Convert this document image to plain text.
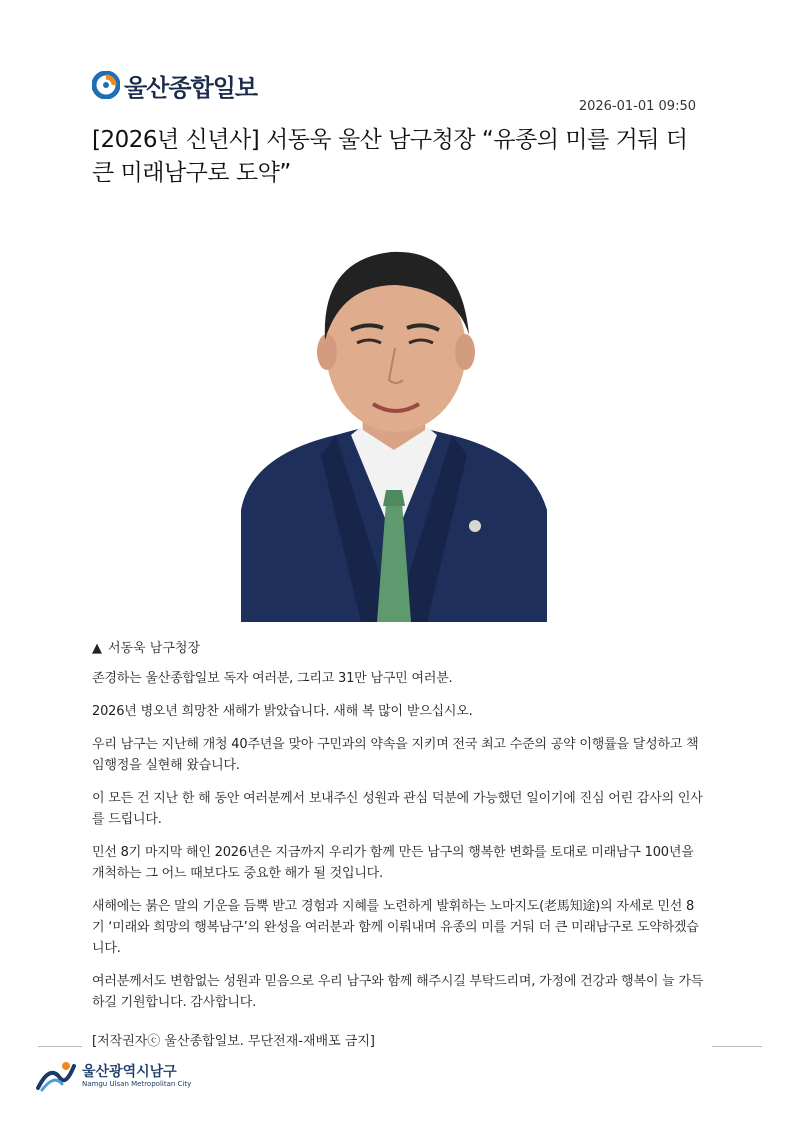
울산종합일보
2026-01-01 09:50
[2026년 신년사] 서동욱 울산 남구청장 “유종의 미를 거둬 더 큰 미래남구로 도약”
▲ 서동욱 남구청장

존경하는 울산종합일보 독자 여러분, 그리고 31만 남구민 여러분.

2026년 병오년 희망찬 새해가 밝았습니다. 새해 복 많이 받으십시오.

우리 남구는 지난해 개청 40주년을 맞아 구민과의 약속을 지키며 전국 최고 수준의 공약 이행률을 달성하고 책임행정을 실현해 왔습니다.

이 모든 건 지난 한 해 동안 여러분께서 보내주신 성원과 관심 덕분에 가능했던 일이기에 진심 어린 감사의 인사를 드립니다.

민선 8기 마지막 해인 2026년은 지금까지 우리가 함께 만든 남구의 행복한 변화를 토대로 미래남구 100년을 개척하는 그 어느 때보다도 중요한 해가 될 것입니다.

새해에는 붉은 말의 기운을 듬뿍 받고 경험과 지혜를 노련하게 발휘하는 노마지도(老馬知途)의 자세로 민선 8기 ‘미래와 희망의 행복남구’의 완성을 여러분과 함께 이뤄내며 유종의 미를 거둬 더 큰 미래남구로 도약하겠습니다.

여러분께서도 변함없는 성원과 믿음으로 우리 남구와 함께 해주시길 부탁드리며, 가정에 건강과 행복이 늘 가득하길 기원합니다. 감사합니다.

[저작권자ⓒ 울산종합일보. 무단전재-재배포 금지]
울산광역시남구
Namgu Ulsan Metropolitan City
